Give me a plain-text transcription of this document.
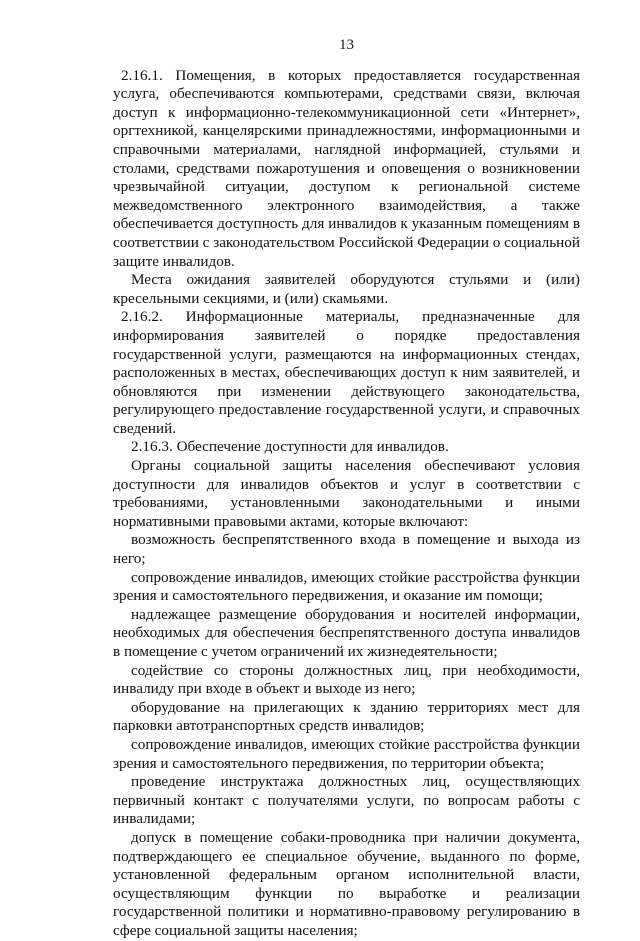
13

2.16.1. Помещения, в которых предоставляется государственная услуга, обеспечиваются компьютерами, средствами связи, включая доступ к информационно-телекоммуникационной сети «Интернет», оргтехникой, канцелярскими принадлежностями, информационными и справочными материалами, наглядной информацией, стульями и столами, средствами пожаротушения и оповещения о возникновении чрезвычайной ситуации, доступом к региональной системе межведомственного электронного взаимодействия, а также обеспечивается доступность для инвалидов к указанным помещениям в соответствии с законодательством Российской Федерации о социальной защите инвалидов.

Места ожидания заявителей оборудуются стульями и (или) кресельными секциями, и (или) скамьями.

2.16.2. Информационные материалы, предназначенные для информирования заявителей о порядке предоставления государственной услуги, размещаются на информационных стендах, расположенных в местах, обеспечивающих доступ к ним заявителей, и обновляются при изменении действующего законодательства, регулирующего предоставление государственной услуги, и справочных сведений.

2.16.3. Обеспечение доступности для инвалидов.

Органы социальной защиты населения обеспечивают условия доступности для инвалидов объектов и услуг в соответствии с требованиями, установленными законодательными и иными нормативными правовыми актами, которые включают:

возможность беспрепятственного входа в помещение и выхода из него;

сопровождение инвалидов, имеющих стойкие расстройства функции зрения и самостоятельного передвижения, и оказание им помощи;

надлежащее размещение оборудования и носителей информации, необходимых для обеспечения беспрепятственного доступа инвалидов в помещение с учетом ограничений их жизнедеятельности;

содействие со стороны должностных лиц, при необходимости, инвалиду при входе в объект и выходе из него;

оборудование на прилегающих к зданию территориях мест для парковки автотранспортных средств инвалидов;

сопровождение инвалидов, имеющих стойкие расстройства функции зрения и самостоятельного передвижения, по территории объекта;

проведение инструктажа должностных лиц, осуществляющих первичный контакт с получателями услуги, по вопросам работы с инвалидами;

допуск в помещение собаки-проводника при наличии документа, подтверждающего ее специальное обучение, выданного по форме, установленной федеральным органом исполнительной власти, осуществляющим функции по выработке и реализации государственной политики и нормативно-правовому регулированию в сфере социальной защиты населения;
